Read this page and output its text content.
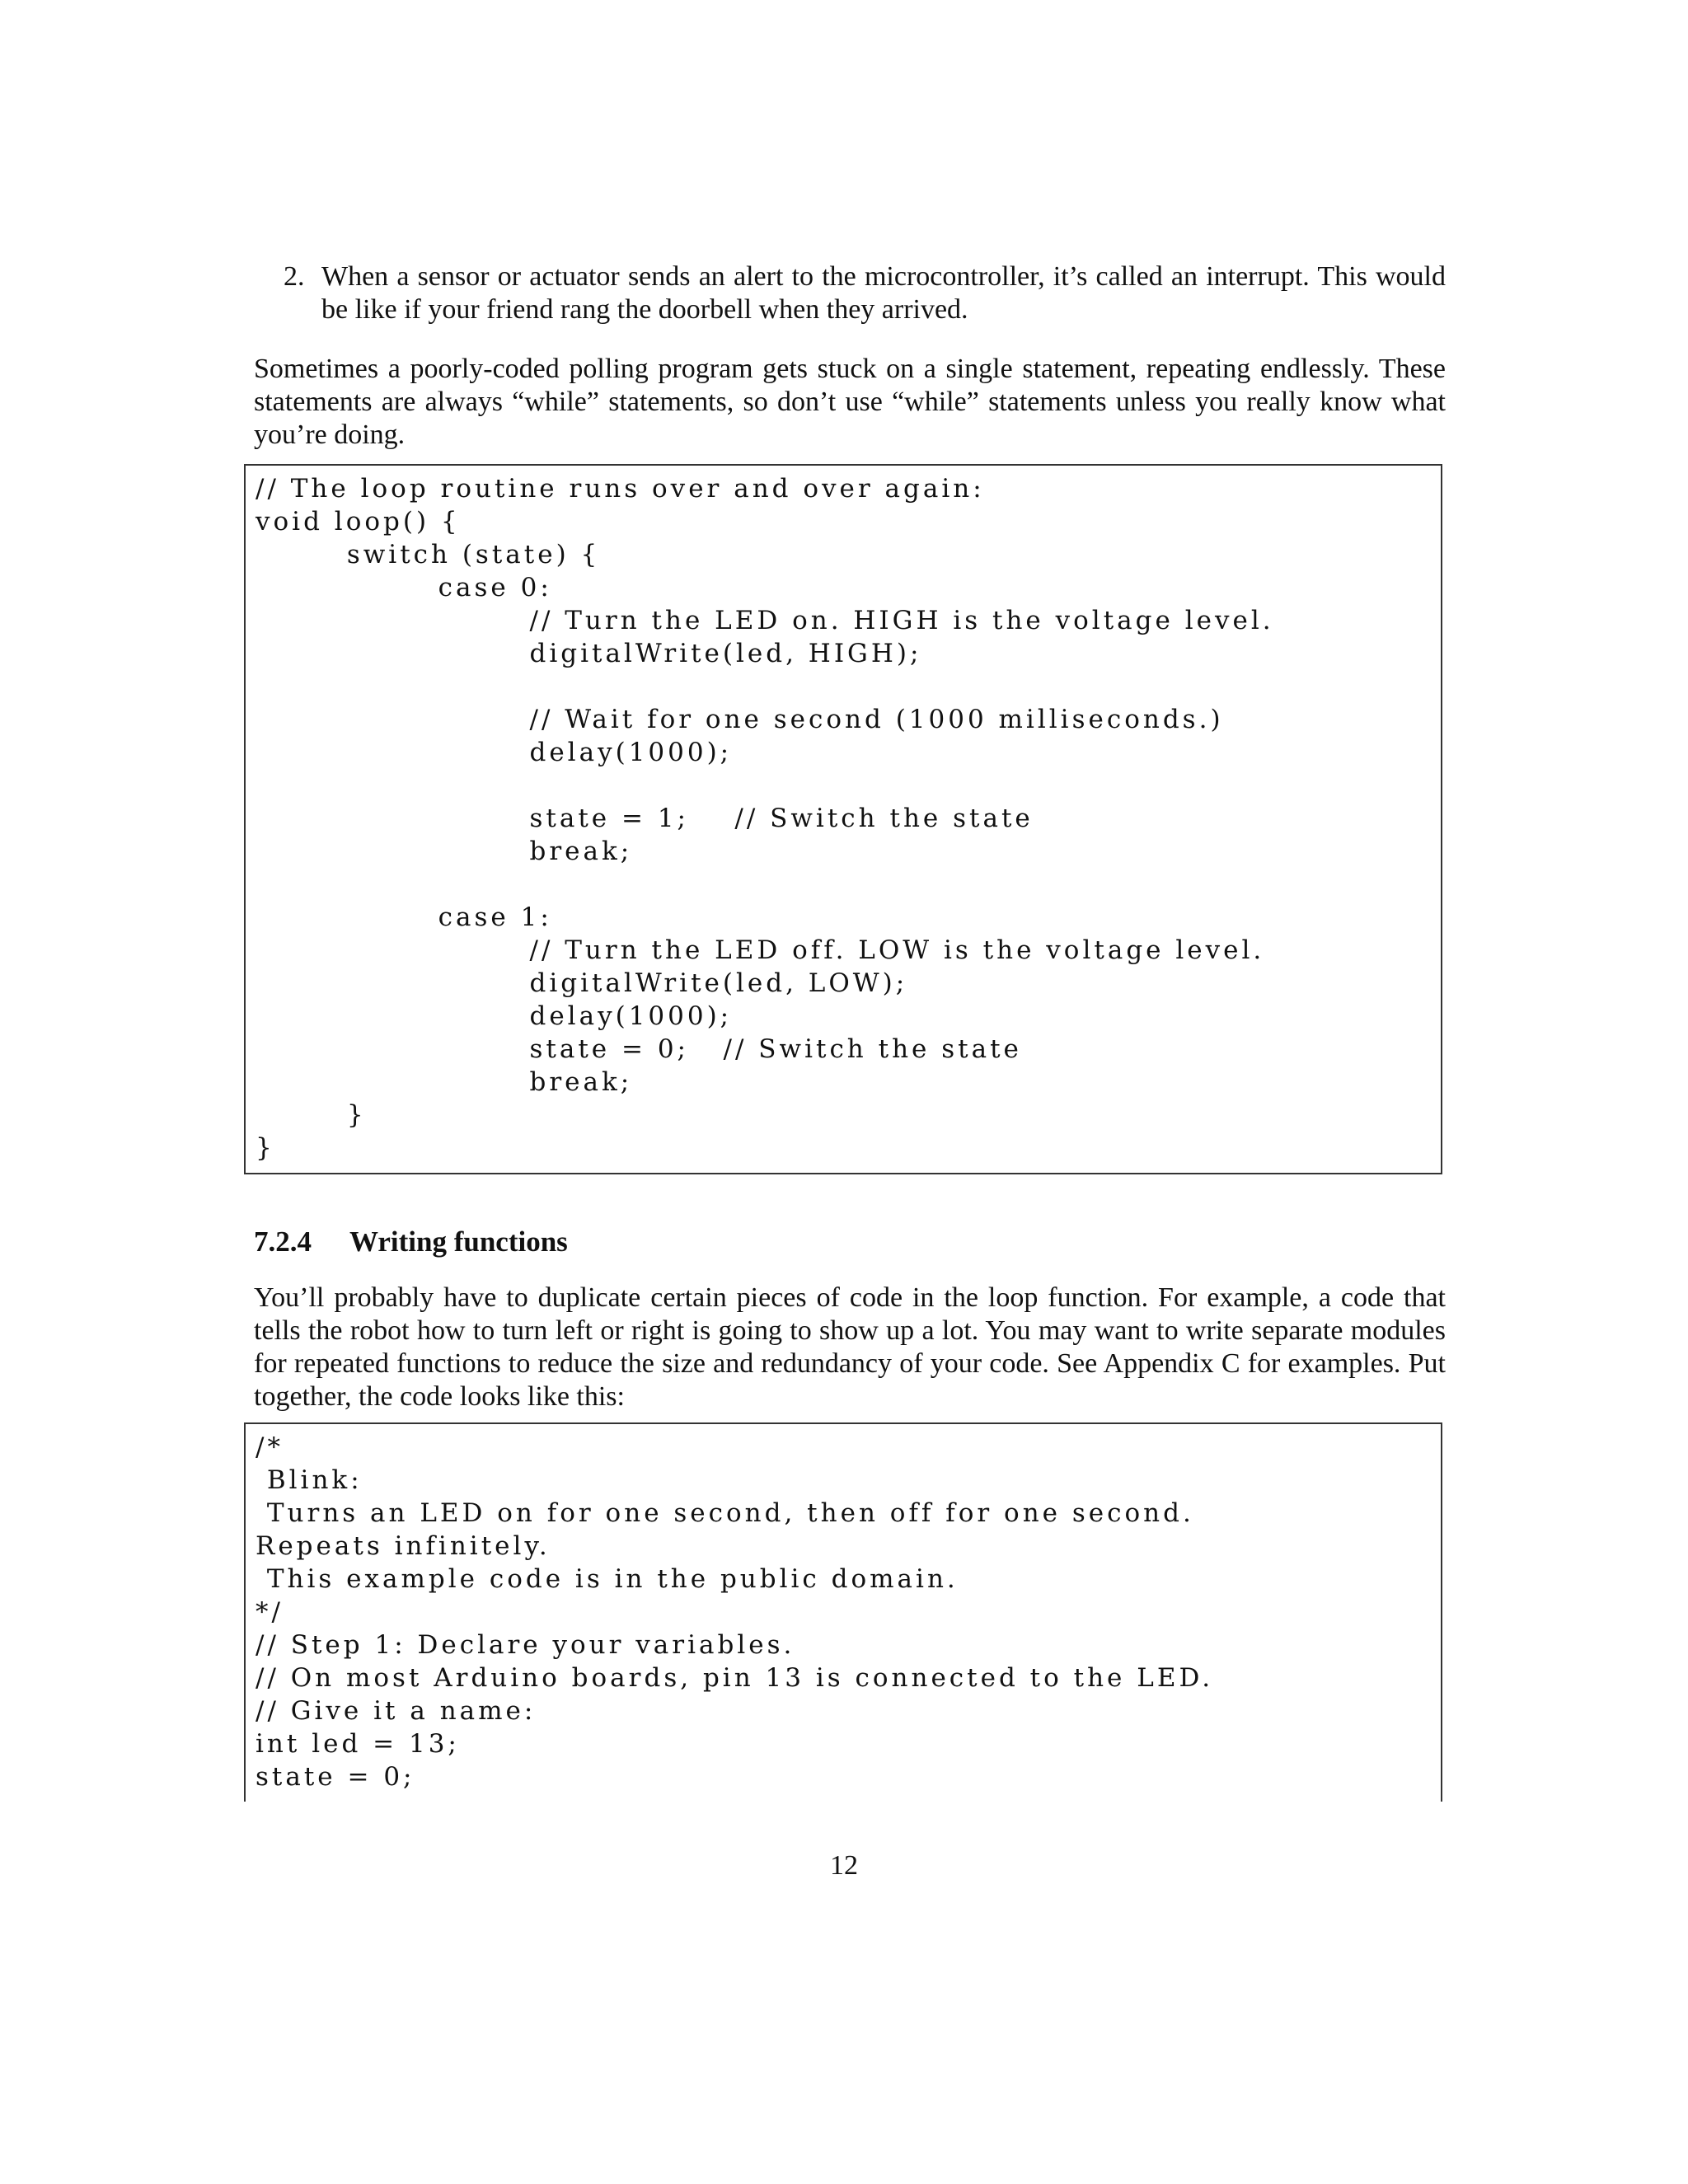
2. When a sensor or actuator sends an alert to the microcontroller, it’s called an interrupt. This would be like if your friend rang the doorbell when they arrived.

Sometimes a poorly-coded polling program gets stuck on a single statement, repeating endlessly. These statements are always “while” statements, so don’t use “while” statements unless you really know what you’re doing.

// The loop routine runs over and over again:
void loop() {
switch (state) {
case 0:
// Turn the LED on. HIGH is the voltage level.
digitalWrite(led, HIGH);
// Wait for one second (1000 milliseconds.)
delay(1000);
state = 1;    // Switch the state
break;
case 1:
// Turn the LED off. LOW is the voltage level.
digitalWrite(led, LOW);
delay(1000);
state = 0;   // Switch the state
break;
}
}
7.2.4 Writing functions

You’ll probably have to duplicate certain pieces of code in the loop function. For example, a code that tells the robot how to turn left or right is going to show up a lot. You may want to write separate modules for repeated functions to reduce the size and redundancy of your code. See Appendix C for examples. Put together, the code looks like this:

/*
Blink:
Turns an LED on for one second, then off for one second.
Repeats infinitely.
This example code is in the public domain.
*/
// Step 1: Declare your variables.
// On most Arduino boards, pin 13 is connected to the LED.
// Give it a name:
int led = 13;
state = 0;
12
